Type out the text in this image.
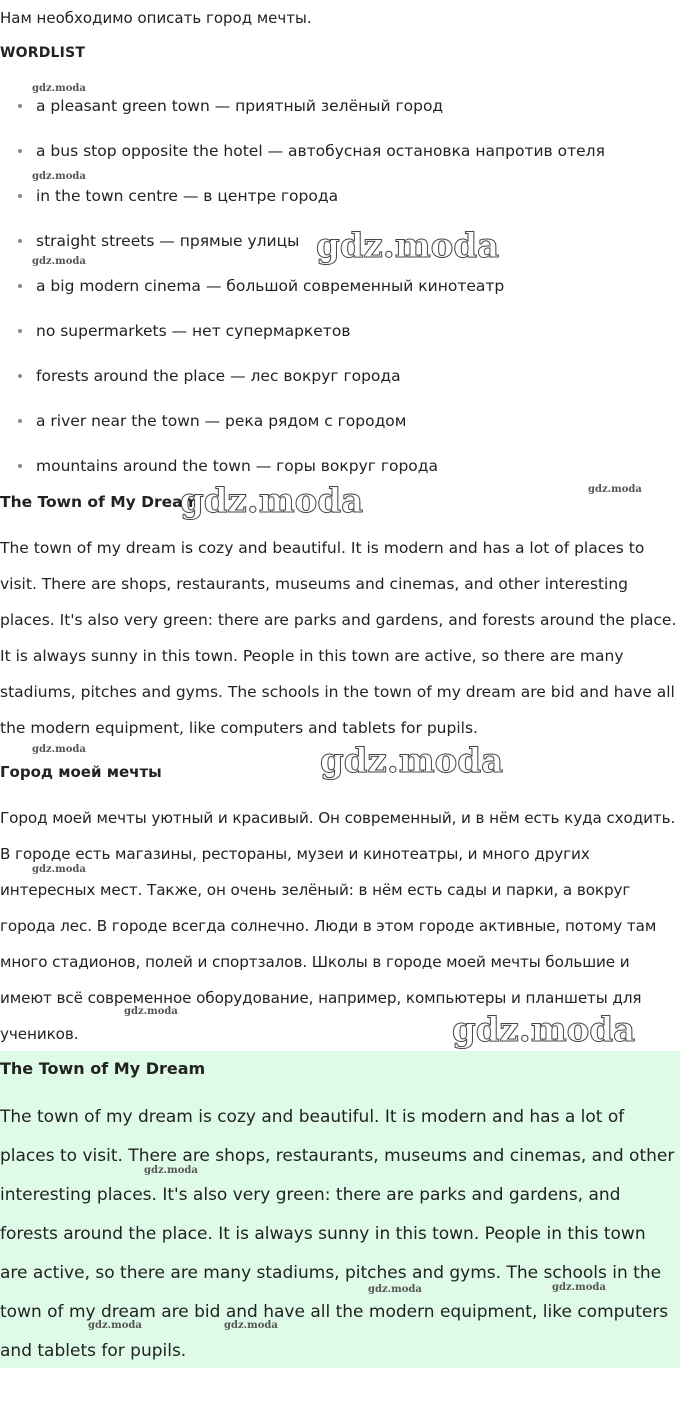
Нам необходимо описать город мечты.

WORDLIST

a pleasant green town — приятный зелёный город
a bus stop opposite the hotel — автобусная остановка напротив отеля
in the town centre — в центре города
straight streets — прямые улицы
a big modern cinema — большой современный кинотеатр
no supermarkets — нет супермаркетов
forests around the place — лес вокруг города
a river near the town — река рядом с городом
mountains around the town — горы вокруг города
The Town of My Dream

The town of my dream is cozy and beautiful. It is modern and has a lot of places to visit. There are shops, restaurants, museums and cinemas, and other interesting places. It's also very green: there are parks and gardens, and forests around the place. It is always sunny in this town. People in this town are active, so there are many stadiums, pitches and gyms. The schools in the town of my dream are bid and have all the modern equipment, like computers and tablets for pupils.

Город моей мечты

Город моей мечты уютный и красивый. Он современный, и в нём есть куда сходить. В городе есть магазины, рестораны, музеи и кинотеатры, и много других интересных мест. Также, он очень зелёный: в нём есть сады и парки, а вокруг города лес. В городе всегда солнечно. Люди в этом городе активные, потому там много стадионов, полей и спортзалов. Школы в городе моей мечты большие и имеют всё современное оборудование, например, компьютеры и планшеты для учеников.

The Town of My Dream

The town of my dream is cozy and beautiful. It is modern and has a lot of places to visit. There are shops, restaurants, museums and cinemas, and other interesting places. It's also very green: there are parks and gardens, and forests around the place. It is always sunny in this town. People in this town are active, so there are many stadiums, pitches and gyms. The schools in the town of my dream are bid and have all the modern equipment, like computers and tablets for pupils.

gdz.moda
gdz.moda
gdz.moda	gdz.moda
gdz.moda	gdz.moda
gdz.moda	gdz.moda
gdz.moda
gdz.moda	gdz.moda
gdz.moda
gdz.moda	gdz.moda
gdz.moda	gdz.moda
